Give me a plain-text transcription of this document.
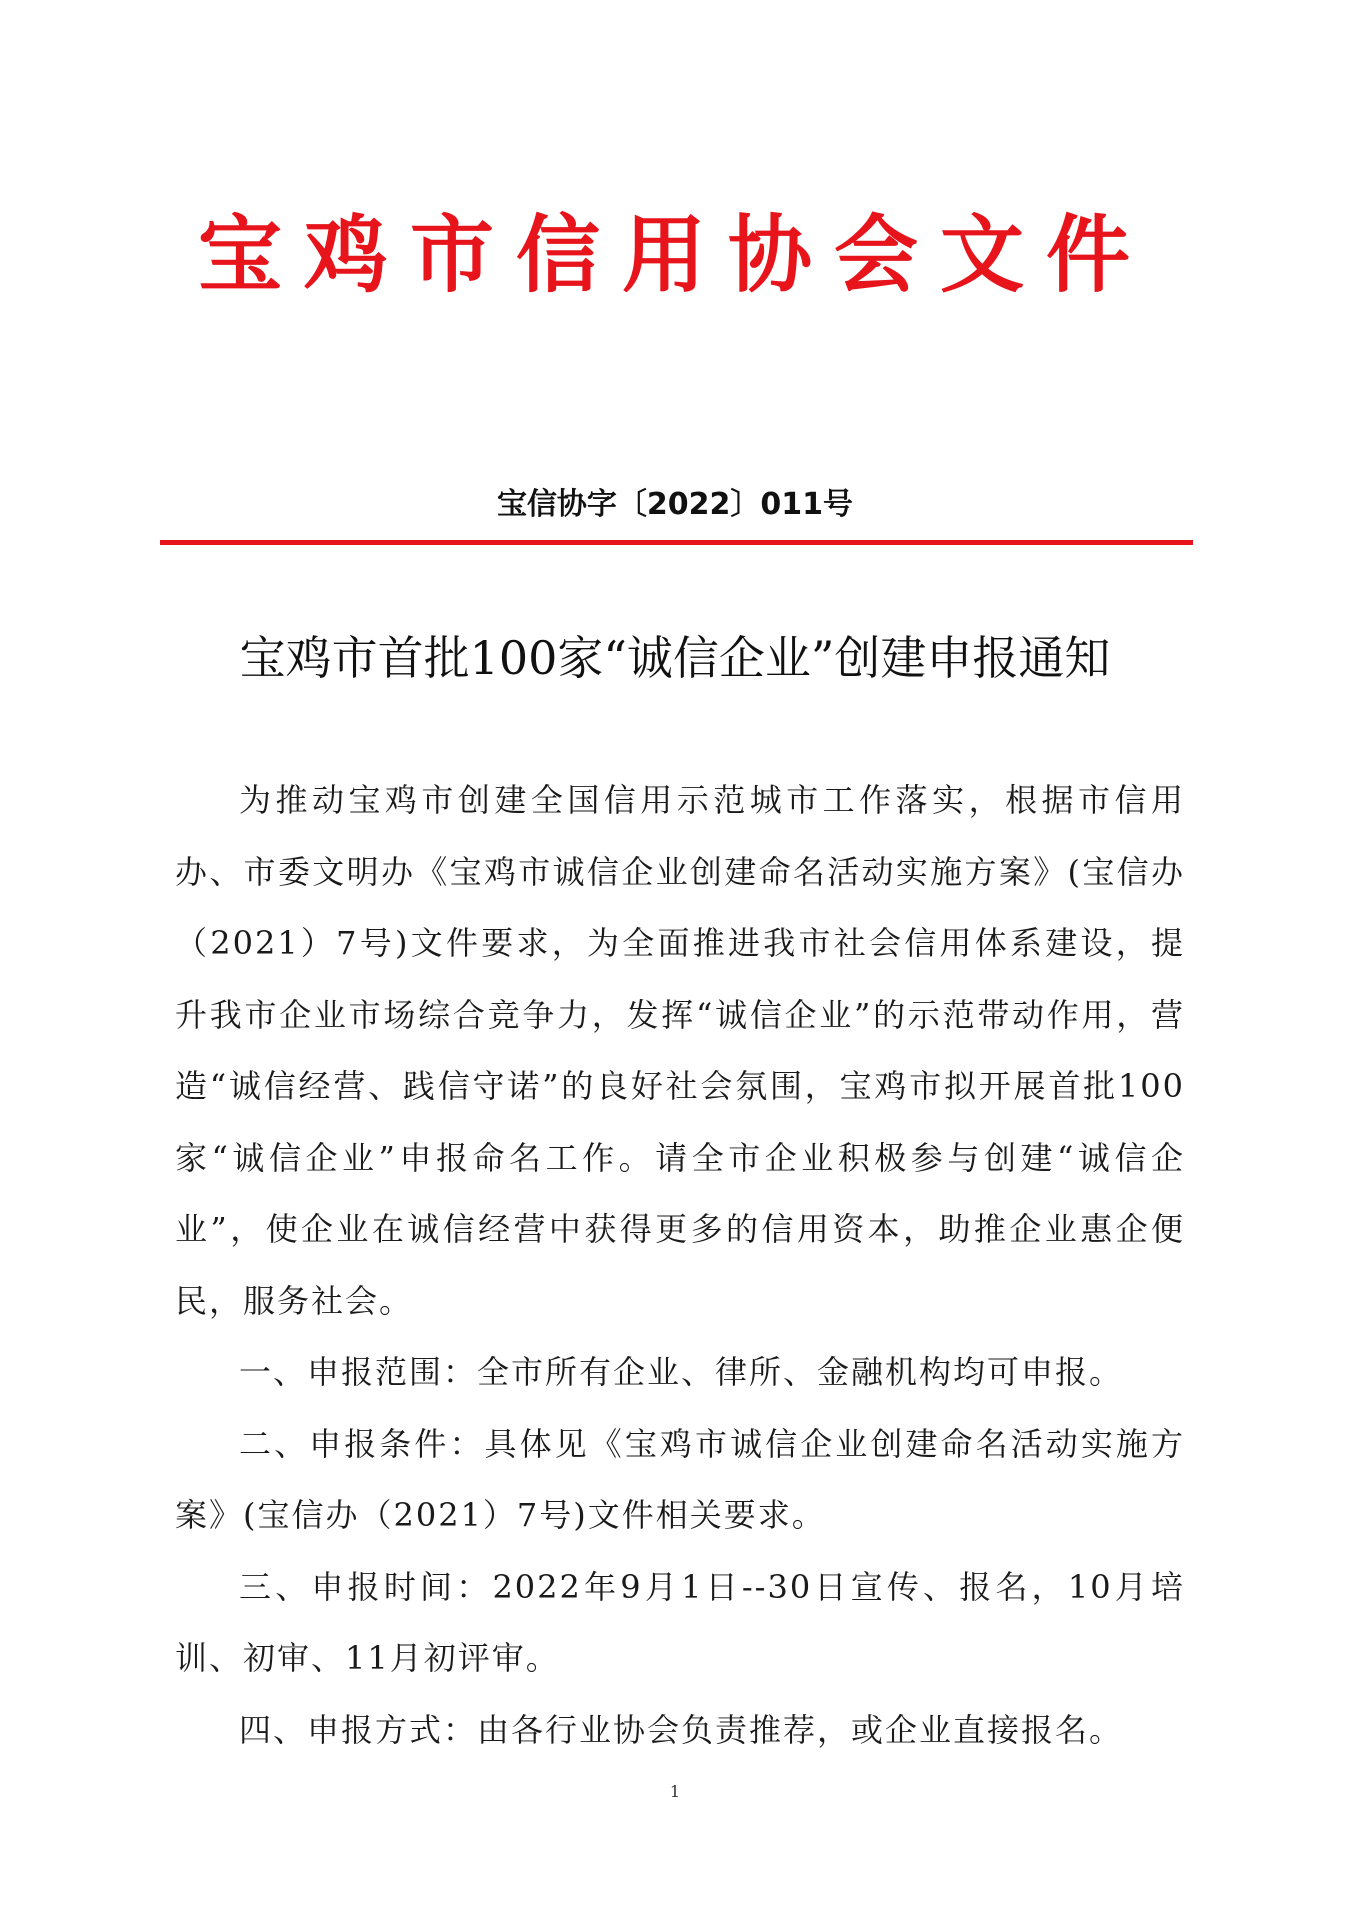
宝鸡市信用协会文件
宝信协字〔2022〕011号
宝鸡市首批100家“诚信企业”创建申报通知

为推动宝鸡市创建全国信用示范城市工作落实，根据市信用办、市委文明办《宝鸡市诚信企业创建命名活动实施方案》(宝信办（2021）7号)文件要求，为全面推进我市社会信用体系建设，提升我市企业市场综合竞争力，发挥“诚信企业”的示范带动作用，营造“诚信经营、践信守诺”的良好社会氛围，宝鸡市拟开展首批100家“诚信企业”申报命名工作。请全市企业积极参与创建“诚信企业”，使企业在诚信经营中获得更多的信用资本，助推企业惠企便民，服务社会。

一、申报范围：全市所有企业、律所、金融机构均可申报。

二、申报条件：具体见《宝鸡市诚信企业创建命名活动实施方案》(宝信办（2021）7号)文件相关要求。

三、申报时间：2022年9月1日--30日宣传、报名，10月培训、初审、11月初评审。

四、申报方式：由各行业协会负责推荐，或企业直接报名。

1
